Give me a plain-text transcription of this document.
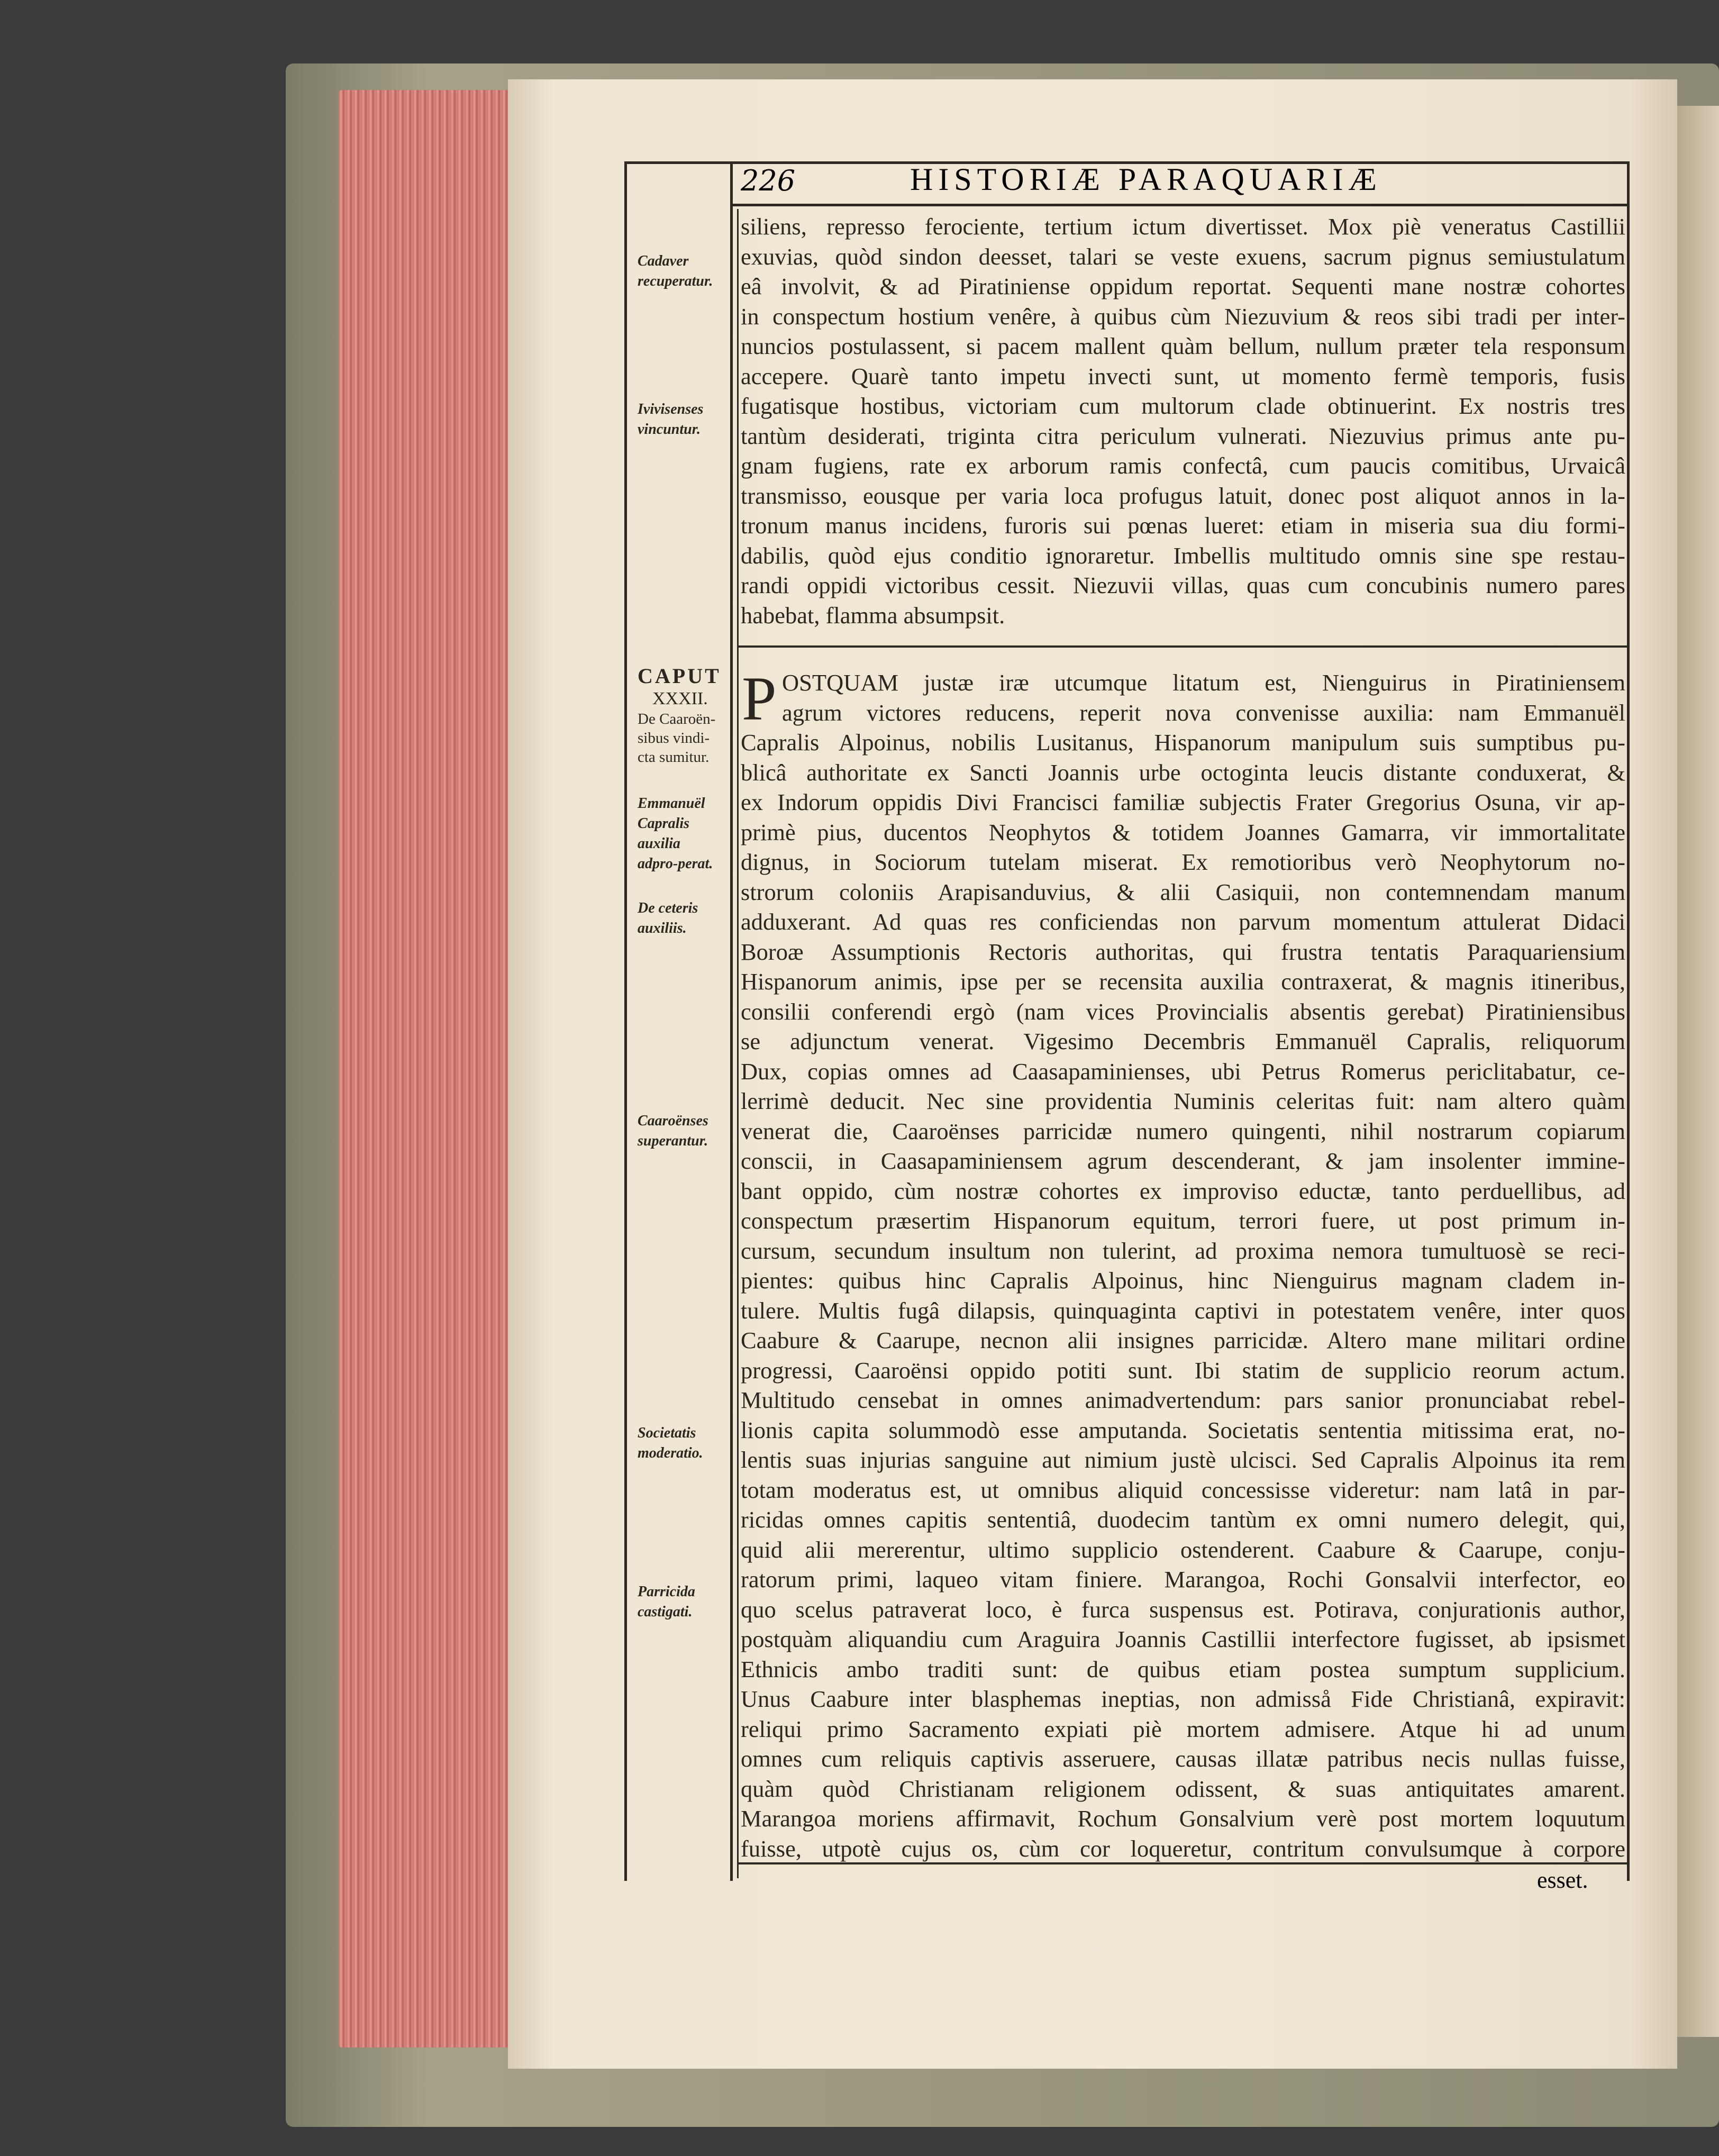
226	HISTORIÆ PARAQUARIÆ
Cadaver recuperatur.
Ivivisenses vincuntur.
Emmanuël Capralis auxilia adpro-perat.
De ceteris auxiliis.
Caaroënses superantur.
Societatis moderatio.
Parricida castigati.
CAPUT
XXXII.
De Caaroën-sibus vindi-cta sumitur.
siliens, represso ferociente, tertium ictum divertisset. Mox piè veneratus Castillii
exuvias, quòd sindon deesset, talari se veste exuens, sacrum pignus semiustulatum
eâ involvit, & ad Piratiniense oppidum reportat. Sequenti mane nostræ cohortes
in conspectum hostium venêre, à quibus cùm Niezuvium & reos sibi tradi per inter-
nuncios postulassent, si pacem mallent quàm bellum, nullum præter tela responsum
accepere. Quarè tanto impetu invecti sunt, ut momento fermè temporis, fusis
fugatisque hostibus, victoriam cum multorum clade obtinuerint. Ex nostris tres
tantùm desiderati, triginta citra periculum vulnerati. Niezuvius primus ante pu-
gnam fugiens, rate ex arborum ramis confectâ, cum paucis comitibus, Urvaicâ
transmisso, eousque per varia loca profugus latuit, donec post aliquot annos in la-
tronum manus incidens, furoris sui pœnas lueret: etiam in miseria sua diu formi-
dabilis, quòd ejus conditio ignoraretur. Imbellis multitudo omnis sine spe restau-
randi oppidi victoribus cessit. Niezuvii villas, quas cum concubinis numero pares
habebat, flamma absumpsit.
P OSTQUAM justæ iræ utcumque litatum est, Nienguirus in Piratiniensem
agrum victores reducens, reperit nova convenisse auxilia: nam Emmanuël
Capralis Alpoinus, nobilis Lusitanus, Hispanorum manipulum suis sumptibus pu-
blicâ authoritate ex Sancti Joannis urbe octoginta leucis distante conduxerat, &
ex Indorum oppidis Divi Francisci familiæ subjectis Frater Gregorius Osuna, vir ap-
primè pius, ducentos Neophytos & totidem Joannes Gamarra, vir immortalitate
dignus, in Sociorum tutelam miserat. Ex remotioribus verò Neophytorum no-
strorum coloniis Arapisanduvius, & alii Casiquii, non contemnendam manum
adduxerant. Ad quas res conficiendas non parvum momentum attulerat Didaci
Boroæ Assumptionis Rectoris authoritas, qui frustra tentatis Paraquariensium
Hispanorum animis, ipse per se recensita auxilia contraxerat, & magnis itineribus,
consilii conferendi ergò (nam vices Provincialis absentis gerebat) Piratiniensibus
se adjunctum venerat. Vigesimo Decembris Emmanuël Capralis, reliquorum
Dux, copias omnes ad Caasapaminienses, ubi Petrus Romerus periclitabatur, ce-
lerrimè deducit. Nec sine providentia Numinis celeritas fuit: nam altero quàm
venerat die, Caaroënses parricidæ numero quingenti, nihil nostrarum copiarum
conscii, in Caasapaminiensem agrum descenderant, & jam insolenter immine-
bant oppido, cùm nostræ cohortes ex improviso eductæ, tanto perduellibus, ad
conspectum præsertim Hispanorum equitum, terrori fuere, ut post primum in-
cursum, secundum insultum non tulerint, ad proxima nemora tumultuosè se reci-
pientes: quibus hinc Capralis Alpoinus, hinc Nienguirus magnam cladem in-
tulere. Multis fugâ dilapsis, quinquaginta captivi in potestatem venêre, inter quos
Caabure & Caarupe, necnon alii insignes parricidæ. Altero mane militari ordine
progressi, Caaroënsi oppido potiti sunt. Ibi statim de supplicio reorum actum.
Multitudo censebat in omnes animadvertendum: pars sanior pronunciabat rebel-
lionis capita solummodò esse amputanda. Societatis sententia mitissima erat, no-
lentis suas injurias sanguine aut nimium justè ulcisci. Sed Capralis Alpoinus ita rem
totam moderatus est, ut omnibus aliquid concessisse videretur: nam latâ in par-
ricidas omnes capitis sententiâ, duodecim tantùm ex omni numero delegit, qui,
quid alii mererentur, ultimo supplicio ostenderent. Caabure & Caarupe, conju-
ratorum primi, laqueo vitam finiere. Marangoa, Rochi Gonsalvii interfector, eo
quo scelus patraverat loco, è furca suspensus est. Potirava, conjurationis author,
postquàm aliquandiu cum Araguira Joannis Castillii interfectore fugisset, ab ipsismet
Ethnicis ambo traditi sunt: de quibus etiam postea sumptum supplicium.
Unus Caabure inter blasphemas ineptias, non admisså Fide Christianâ, expiravit:
reliqui primo Sacramento expiati piè mortem admisere. Atque hi ad unum
omnes cum reliquis captivis asseruere, causas illatæ patribus necis nullas fuisse,
quàm quòd Christianam religionem odissent, & suas antiquitates amarent.
Marangoa moriens affirmavit, Rochum Gonsalvium verè post mortem loquutum
fuisse, utpotè cujus os, cùm cor loqueretur, contritum convulsumque à corpore
esset.
